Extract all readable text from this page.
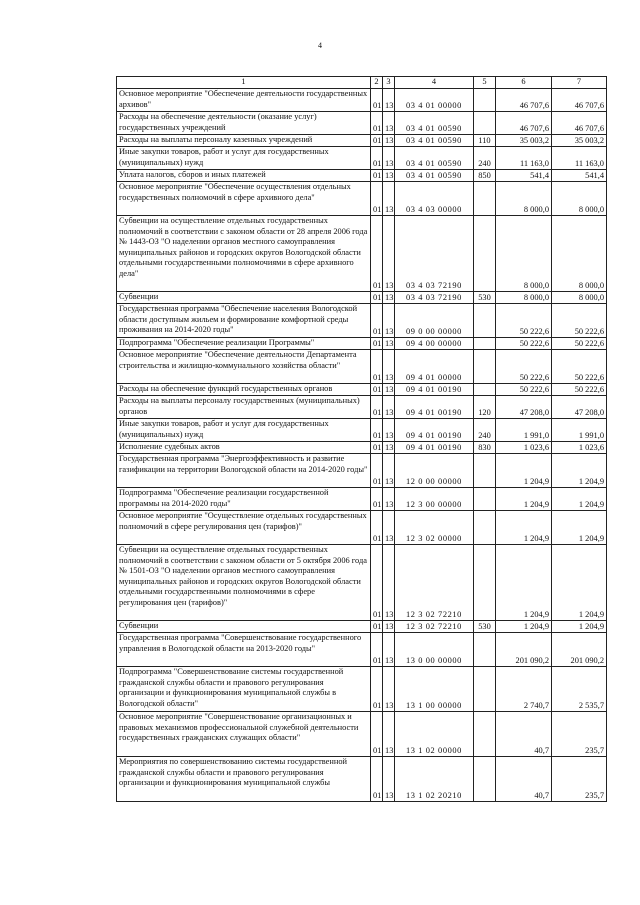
4
1	2	3	4	5	6	7
Основное мероприятие "Обеспечение деятельности государственных архивов"	01	13	03 4 01 00000		46 707,6	46 707,6
Расходы на обеспечение деятельности (оказание услуг) государственных учреждений	01	13	03 4 01 00590		46 707,6	46 707,6
Расходы на выплаты персоналу казенных учреждений	01	13	03 4 01 00590	110	35 003,2	35 003,2
Иные закупки товаров, работ и услуг для государственных (муниципальных) нужд	01	13	03 4 01 00590	240	11 163,0	11 163,0
Уплата налогов, сборов и иных платежей	01	13	03 4 01 00590	850	541,4	541,4
Основное мероприятие "Обеспечение осуществления отдельных государственных полномочий в сфере архивного дела"	01	13	03 4 03 00000		8 000,0	8 000,0
Субвенции на осуществление отдельных государственных полномочий в соответствии с законом области от 28 апреля 2006 года № 1443-ОЗ "О наделении органов местного самоуправления муниципальных районов и городских округов Вологодской области отдельными государственными полномочиями в сфере архивного дела"	01	13	03 4 03 72190		8 000,0	8 000,0
Субвенции	01	13	03 4 03 72190	530	8 000,0	8 000,0
Государственная программа "Обеспечение населения Вологодской области доступным жильем и формирование комфортной среды проживания на 2014-2020 годы"	01	13	09 0 00 00000		50 222,6	50 222,6
Подпрограмма "Обеспечение реализации Программы"	01	13	09 4 00 00000		50 222,6	50 222,6
Основное мероприятие "Обеспечение деятельности Департамента строительства и жилищно-коммунального хозяйства области"	01	13	09 4 01 00000		50 222,6	50 222,6
Расходы на обеспечение функций государственных органов	01	13	09 4 01 00190		50 222,6	50 222,6
Расходы на выплаты персоналу государственных (муниципальных) органов	01	13	09 4 01 00190	120	47 208,0	47 208,0
Иные закупки товаров, работ и услуг для государственных (муниципальных) нужд	01	13	09 4 01 00190	240	1 991,0	1 991,0
Исполнение судебных актов	01	13	09 4 01 00190	830	1 023,6	1 023,6
Государственная программа "Энергоэффективность и развитие газификации на территории Вологодской области на 2014-2020 годы"	01	13	12 0 00 00000		1 204,9	1 204,9
Подпрограмма "Обеспечение реализации государственной программы на 2014-2020 годы"	01	13	12 3 00 00000		1 204,9	1 204,9
Основное мероприятие "Осуществление отдельных государственных полномочий в сфере регулирования цен (тарифов)"	01	13	12 3 02 00000		1 204,9	1 204,9
Субвенции на осуществление отдельных государственных полномочий в соответствии с законом области от 5 октября 2006 года № 1501-ОЗ "О наделении органов местного самоуправления муниципальных районов и городских округов Вологодской области отдельными государственными полномочиями в сфере регулирования цен (тарифов)"	01	13	12 3 02 72210		1 204,9	1 204,9
Субвенции	01	13	12 3 02 72210	530	1 204,9	1 204,9
Государственная программа "Совершенствование государственного управления в Вологодской области на 2013-2020 годы"	01	13	13 0 00 00000		201 090,2	201 090,2
Подпрограмма "Совершенствование системы государственной гражданской службы области и правового регулирования организации и функционирования муниципальной службы в Вологодской области"	01	13	13 1 00 00000		2 740,7	2 535,7
Основное мероприятие "Совершенствование организационных и правовых механизмов профессиональной служебной деятельности государственных гражданских служащих области"	01	13	13 1 02 00000		40,7	235,7
Мероприятия по совершенствованию системы государственной гражданской службы области и правового регулирования организации и функционирования муниципальной службы	01	13	13 1 02 20210		40,7	235,7
